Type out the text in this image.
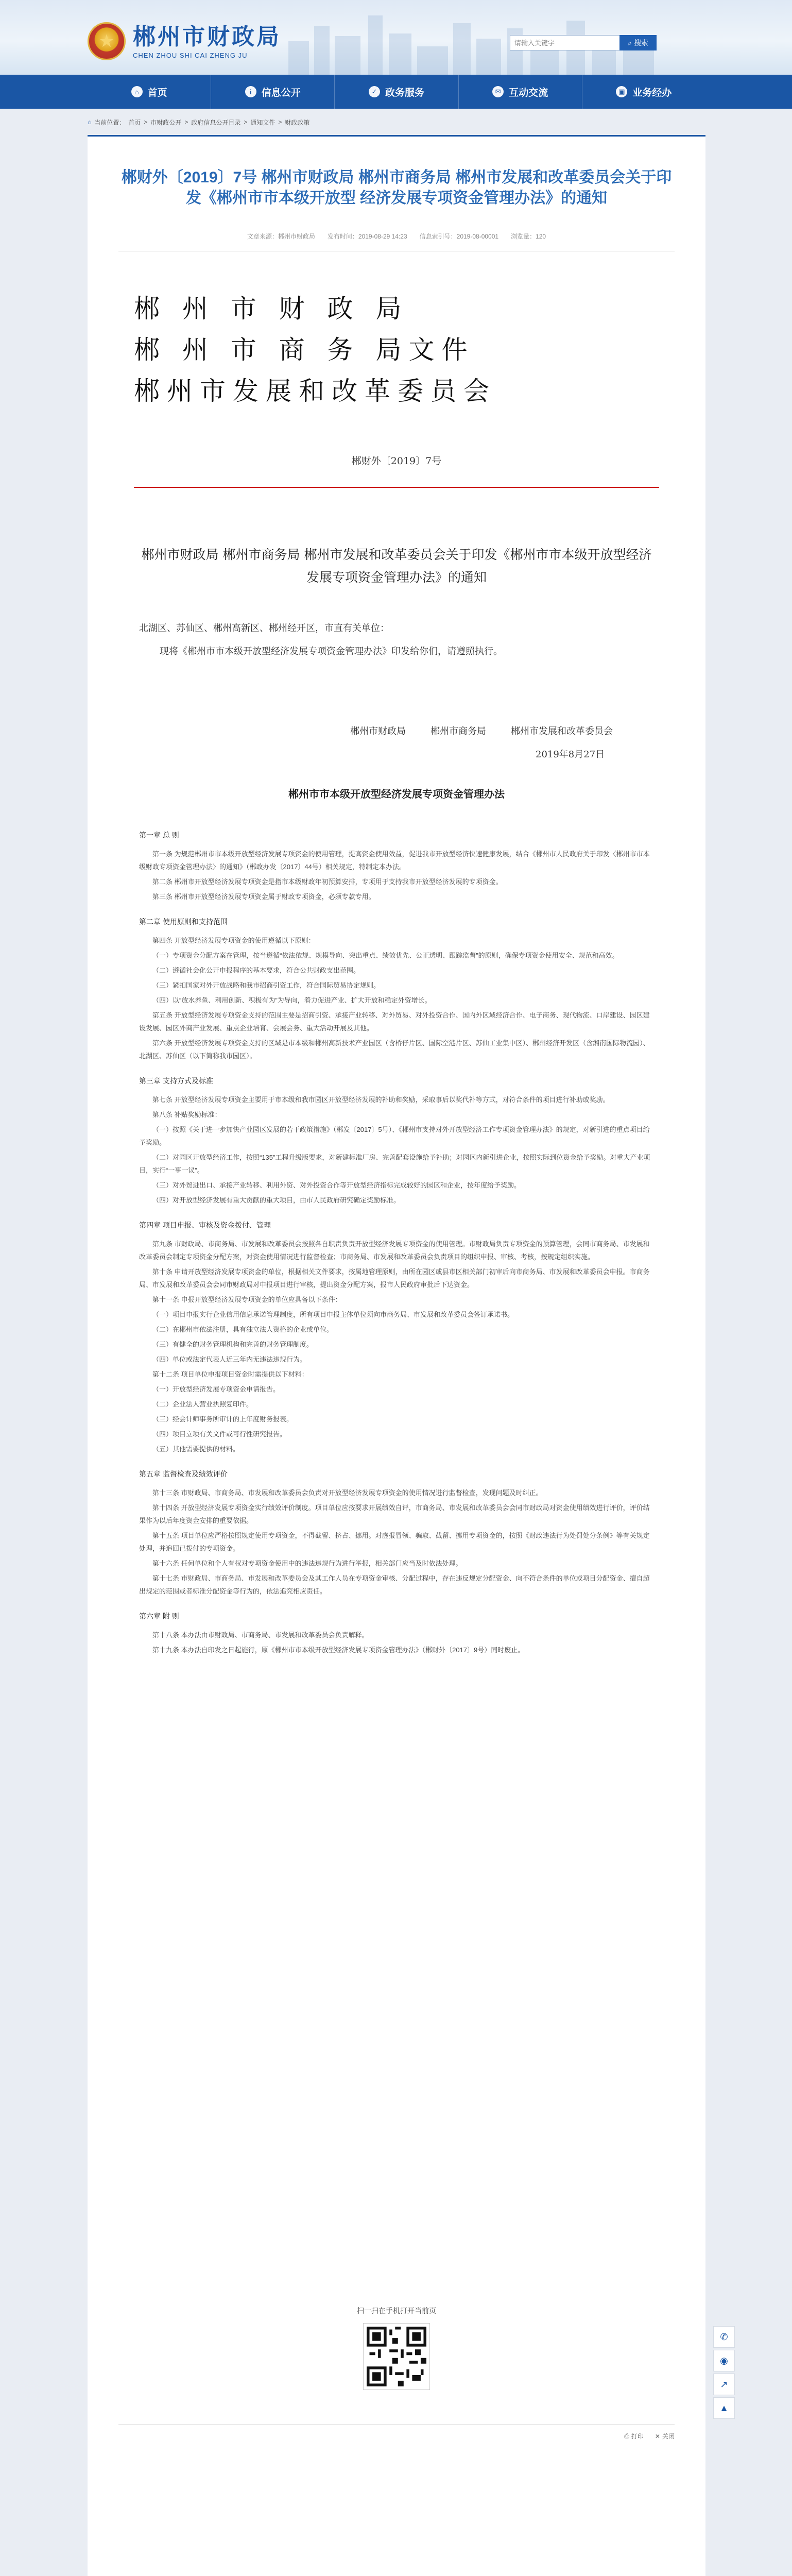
★ 郴州市财政局
CHEN ZHOU SHI CAI ZHENG JU
请输入关键字
⌕ 搜索
⌂ 首页	i	信息公开	✓ 政务服务	✉ 互动交流	▣ 业务经办
⌂ 当前位置： 首页 > 市财政公开 > 政府信息公开目录 > 通知文件 > 财政政策
郴财外〔2019〕7号 郴州市财政局 郴州市商务局 郴州市发展和改革委员会关于印发《郴州市市本级开放型 经济发展专项资金管理办法》的通知
文章来源：郴州市财政局 发布时间：2019-08-29 14:23 信息索引号：2019-08-00001 浏览量：120
郴 州 市 财 政 局
郴 州 市 商 务 局文件
郴州市发展和改革委员会
郴财外〔2019〕7号
郴州市财政局 郴州市商务局 郴州市发展和改革委员会关于印发《郴州市市本级开放型经济发展专项资金管理办法》的通知
北湖区、苏仙区、郴州高新区、郴州经开区，市直有关单位：
现将《郴州市市本级开放型经济发展专项资金管理办法》印发给你们，请遵照执行。
郴州市财政局	郴州市商务局	郴州市发展和改革委员会
2019年8月27日
郴州市市本级开放型经济发展专项资金管理办法
第一章 总 则

第一条 为规范郴州市市本级开放型经济发展专项资金的使用管理，提高资金使用效益，促进我市开放型经济快速健康发展，结合《郴州市人民政府关于印发〈郴州市市本级财政专项资金管理办法〉的通知》（郴政办发〔2017〕44号）相关规定，特制定本办法。

第二条 郴州市开放型经济发展专项资金是指市本级财政年初预算安排，专项用于支持我市开放型经济发展的专项资金。

第三条 郴州市开放型经济发展专项资金属于财政专项资金，必须专款专用。

第二章 使用原则和支持范围

第四条 开放型经济发展专项资金的使用遵循以下原则：

（一）专项资金分配方案在管理，按当遵循“依法依规、规模导向、突出重点、绩效优先、公正透明、跟踪监督”的原则，确保专项资金使用安全、规范和高效。

（二）遵循社会化公开申报程序的基本要求，符合公共财政支出范围。

（三）紧扣国家对外开放战略和我市招商引资工作，符合国际贸易协定规则。

（四）以“放水养鱼、利用创新、积极有为”为导向，着力促进产业、扩大开放和稳定外资增长。

第五条 开放型经济发展专项资金支持的范围主要是招商引资、承接产业转移、对外贸易、对外投资合作、国内外区域经济合作、电子商务、现代物流、口岸建设、园区建设发展、园区外商产业发展、重点企业培育、会展会务、重大活动开展及其他。

第六条 开放型经济发展专项资金支持的区域是市本级和郴州高新技术产业园区（含桥仔片区、国际空港片区、苏仙工业集中区）、郴州经济开发区（含湘南国际物流园）、北湖区、苏仙区（以下简称我市园区）。

第三章 支持方式及标准

第七条 开放型经济发展专项资金主要用于市本级和我市园区开放型经济发展的补助和奖励，采取事后以奖代补等方式，对符合条件的项目进行补助或奖励。

第八条 补贴奖励标准：

（一）按照《关于进一步加快产业园区发展的若干政策措施》（郴发〔2017〕5号）、《郴州市支持对外开放型经济工作专项资金管理办法》的规定，对新引进的重点项目给予奖励。

（二）对园区开放型经济工作，按照“135”工程升级版要求，对新建标准厂房、完善配套设施给予补助；对园区内新引进企业，按照实际到位资金给予奖励。对重大产业项目，实行“一事一议”。

（三）对外贸进出口、承接产业转移、利用外资、对外投资合作等开放型经济指标完成较好的园区和企业，按年度给予奖励。

（四）对开放型经济发展有重大贡献的重大项目，由市人民政府研究确定奖励标准。

第四章 项目申报、审核及资金拨付、管理

第九条 市财政局、市商务局、市发展和改革委员会按照各自职责负责开放型经济发展专项资金的使用管理。市财政局负责专项资金的预算管理，会同市商务局、市发展和改革委员会制定专项资金分配方案，对资金使用情况进行监督检查；市商务局、市发展和改革委员会负责项目的组织申报、审核、考核，按规定组织实施。

第十条 申请开放型经济发展专项资金的单位，根据相关文件要求，按属地管理原则，由所在园区或县市区相关部门初审后向市商务局、市发展和改革委员会申报。市商务局、市发展和改革委员会会同市财政局对申报项目进行审核，提出资金分配方案，报市人民政府审批后下达资金。

第十一条 申报开放型经济发展专项资金的单位应具备以下条件：

（一）项目申报实行企业信用信息承诺管理制度，所有项目申报主体单位须向市商务局、市发展和改革委员会签订承诺书。

（二）在郴州市依法注册，具有独立法人资格的企业或单位。

（三）有健全的财务管理机构和完善的财务管理制度。

（四）单位或法定代表人近三年内无违法违规行为。

第十二条 项目单位申报项目资金时需提供以下材料：

（一）开放型经济发展专项资金申请报告。

（二）企业法人营业执照复印件。

（三）经会计师事务所审计的上年度财务报表。

（四）项目立项有关文件或可行性研究报告。

（五）其他需要提供的材料。

第五章 监督检查及绩效评价

第十三条 市财政局、市商务局、市发展和改革委员会负责对开放型经济发展专项资金的使用情况进行监督检查，发现问题及时纠正。

第十四条 开放型经济发展专项资金实行绩效评价制度。项目单位应按要求开展绩效自评，市商务局、市发展和改革委员会会同市财政局对资金使用绩效进行评价，评价结果作为以后年度资金安排的重要依据。

第十五条 项目单位应严格按照规定使用专项资金，不得截留、挤占、挪用。对虚报冒领、骗取、截留、挪用专项资金的，按照《财政违法行为处罚处分条例》等有关规定处理，并追回已拨付的专项资金。

第十六条 任何单位和个人有权对专项资金使用中的违法违规行为进行举报，相关部门应当及时依法处理。

第十七条 市财政局、市商务局、市发展和改革委员会及其工作人员在专项资金审核、分配过程中，存在违反规定分配资金、向不符合条件的单位或项目分配资金、擅自超出规定的范围或者标准分配资金等行为的，依法追究相应责任。

第六章 附 则

第十八条 本办法由市财政局、市商务局、市发展和改革委员会负责解释。

第十九条 本办法自印发之日起施行，原《郴州市市本级开放型经济发展专项资金管理办法》（郴财外〔2017〕9号）同时废止。

扫一扫在手机打开当前页
⎙ 打印 ✕ 关闭
✆
◉
↗
▲
